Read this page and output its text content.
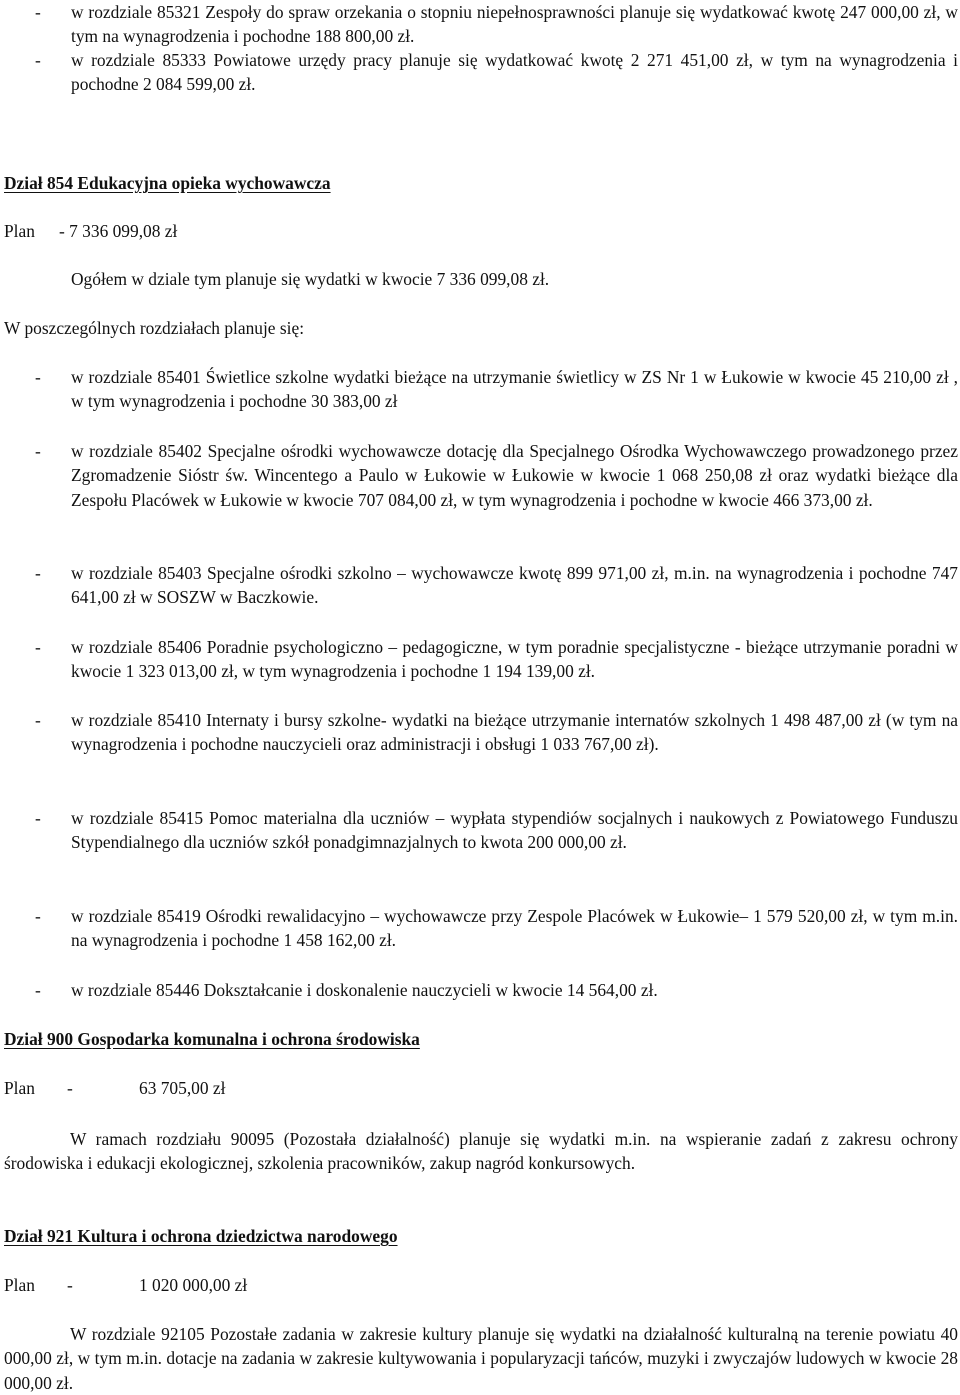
- w rozdziale 85321 Zespoły do spraw orzekania o stopniu niepełnosprawności planuje się wydatkować kwotę 247 000,00 zł, w tym na wynagrodzenia i pochodne 188 800,00 zł.
- w rozdziale 85333 Powiatowe urzędy pracy planuje się wydatkować kwotę 2 271 451,00 zł, w tym na wynagrodzenia i pochodne 2 084 599,00 zł.
Dział 854 Edukacyjna opieka wychowawcza
Plan - 7 336 099,08 zł
Ogółem w dziale tym planuje się wydatki w kwocie 7 336 099,08 zł.
W poszczególnych rozdziałach planuje się:
- w rozdziale 85401 Świetlice szkolne wydatki bieżące na utrzymanie świetlicy w ZS Nr 1 w Łukowie w kwocie 45 210,00 zł , w tym wynagrodzenia i pochodne 30 383,00 zł
- w rozdziale 85402 Specjalne ośrodki wychowawcze dotację dla Specjalnego Ośrodka Wychowawczego prowadzonego przez Zgromadzenie Sióstr św. Wincentego a Paulo w Łukowie w Łukowie w kwocie 1 068 250,08 zł oraz wydatki bieżące dla Zespołu Placówek w Łukowie w kwocie 707 084,00 zł, w tym wynagrodzenia i pochodne w kwocie 466 373,00 zł.
- w rozdziale 85403 Specjalne ośrodki szkolno – wychowawcze kwotę 899 971,00 zł, m.in. na wynagrodzenia i pochodne 747 641,00 zł w SOSZW w Baczkowie.
- w rozdziale 85406 Poradnie psychologiczno – pedagogiczne, w tym poradnie specjalistyczne - bieżące utrzymanie poradni w kwocie 1 323 013,00 zł, w tym wynagrodzenia i pochodne 1 194 139,00 zł.
- w rozdziale 85410 Internaty i bursy szkolne- wydatki na bieżące utrzymanie internatów szkolnych 1 498 487,00 zł (w tym na wynagrodzenia i pochodne nauczycieli oraz administracji i obsługi 1 033 767,00 zł).
- w rozdziale 85415 Pomoc materialna dla uczniów – wypłata stypendiów socjalnych i naukowych z Powiatowego Funduszu Stypendialnego dla uczniów szkół ponadgimnazjalnych to kwota 200 000,00 zł.
- w rozdziale 85419 Ośrodki rewalidacyjno – wychowawcze przy Zespole Placówek w Łukowie– 1 579 520,00 zł, w tym m.in. na wynagrodzenia i pochodne 1 458 162,00 zł.
- w rozdziale 85446 Dokształcanie i doskonalenie nauczycieli w kwocie 14 564,00 zł.
Dział 900 Gospodarka komunalna i ochrona środowiska
Plan -	63 705,00 zł
W ramach rozdziału 90095 (Pozostała działalność) planuje się wydatki m.in. na wspieranie zadań z zakresu ochrony środowiska i edukacji ekologicznej, szkolenia pracowników, zakup nagród konkursowych.
Dział 921 Kultura i ochrona dziedzictwa narodowego
Plan -	1 020 000,00 zł
W rozdziale 92105 Pozostałe zadania w zakresie kultury planuje się wydatki na działalność kulturalną na terenie powiatu 40 000,00 zł, w tym m.in. dotacje na zadania w zakresie kultywowania i popularyzacji tańców, muzyki i zwyczajów ludowych w kwocie 28 000,00 zł.
